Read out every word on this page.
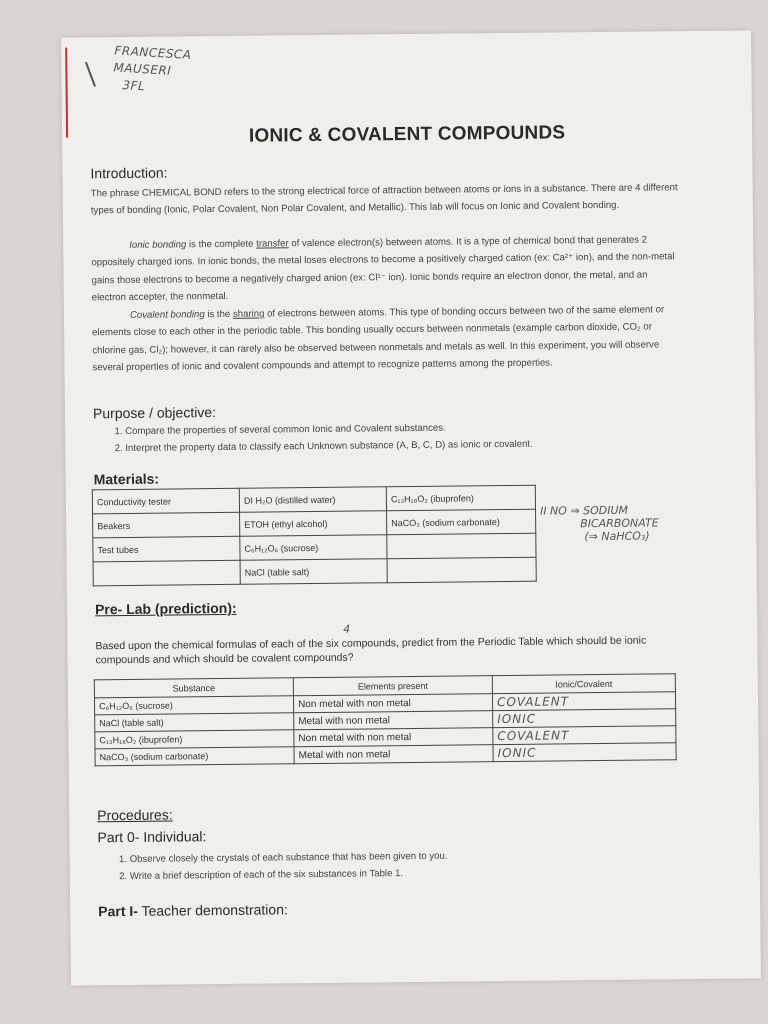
FRANCESCA
MAUSERI
3FL
IONIC & COVALENT COMPOUNDS
Introduction:
The phrase CHEMICAL BOND refers to the strong electrical force of attraction between atoms or ions in a substance. There are 4 different types of bonding (Ionic, Polar Covalent, Non Polar Covalent, and Metallic). This lab will focus on Ionic and Covalent bonding.
Ionic bonding is the complete transfer of valence electron(s) between atoms. It is a type of chemical bond that generates 2 oppositely charged ions. In ionic bonds, the metal loses electrons to become a positively charged cation (ex: Ca²⁺ ion), and the non-metal gains those electrons to become a negatively charged anion (ex: Cl¹⁻ ion). Ionic bonds require an electron donor, the metal, and an electron accepter, the nonmetal.
Covalent bonding is the sharing of electrons between atoms. This type of bonding occurs between two of the same element or elements close to each other in the periodic table. This bonding usually occurs between nonmetals (example carbon dioxide, CO₂ or chlorine gas, Cl₂); however, it can rarely also be observed between nonmetals and metals as well. In this experiment, you will observe several properties of ionic and covalent compounds and attempt to recognize patterns among the properties.
Purpose / objective:
1. Compare the properties of several common Ionic and Covalent substances.
2. Interpret the property data to classify each Unknown substance (A, B, C, D) as ionic or covalent.
Materials:
Conductivity tester	DI H₂O (distilled water)	C₁₃H₁₈O₂ (ibuprofen)
Beakers	ETOH (ethyl alcohol)	NaCO₃ (sodium carbonate)
Test tubes	C₆H₁₂O₆ (sucrose)	
	NaCl (table salt)	
II NO ⇒ SODIUM
BICARBONATE
(⇒ NaHCO₃)
Pre- Lab (prediction):
4
Based upon the chemical formulas of each of the six compounds, predict from the Periodic Table which should be ionic compounds and which should be covalent compounds?
Substance	Elements present	Ionic/Covalent
C₆H₁₂O₆ (sucrose)	Non metal with non metal	COVALENT
NaCl (table salt)	Metal with non metal	IONIC
C₁₃H₁₈O₂ (ibuprofen)	Non metal with non metal	COVALENT
NaCO₃ (sodium carbonate)	Metal with non metal	IONIC
Procedures:
Part 0- Individual:
1. Observe closely the crystals of each substance that has been given to you.
2. Write a brief description of each of the six substances in Table 1.
Part I- Teacher demonstration:
